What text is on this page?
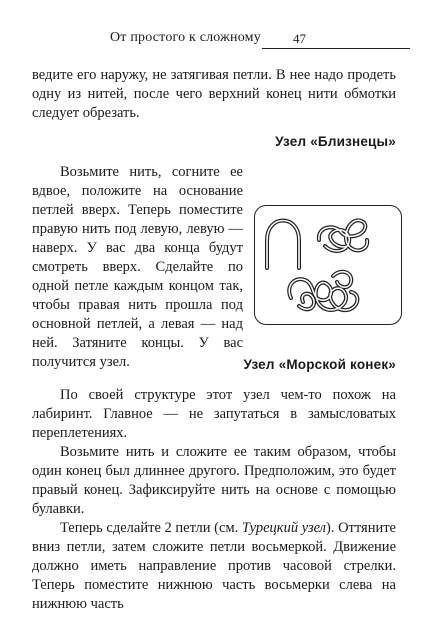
От простого к сложному 47

ведите его наружу, не затягивая петли. В нее надо продеть одну из нитей, после чего верхний конец нити обмотки следует обрезать.

Узел «Близнецы»

Возьмите нить, согните ее вдвое, положите на основание петлей вверх. Теперь поместите правую нить под левую, левую — наверх. У вас два конца будут смотреть вверх. Сделайте по одной петле каждым концом так, чтобы правая нить прошла под основной петлей, а левая — над ней. Затяните концы. У вас получится узел.	Узел «Морской конек»

По своей структуре этот узел чем-то похож на лабиринт. Главное — не запутаться в замысловатых переплетениях.

Возьмите нить и сложите ее таким образом, чтобы один конец был длиннее другого. Предположим, это будет правый конец. Зафиксируйте нить на основе с помощью булавки.

Теперь сделайте 2 петли (см. Турецкий узел). Оттяните вниз петли, затем сложите петли восьмеркой. Движение должно иметь направление против часовой стрелки. Теперь поместите нижнюю часть восьмерки слева на нижнюю часть
